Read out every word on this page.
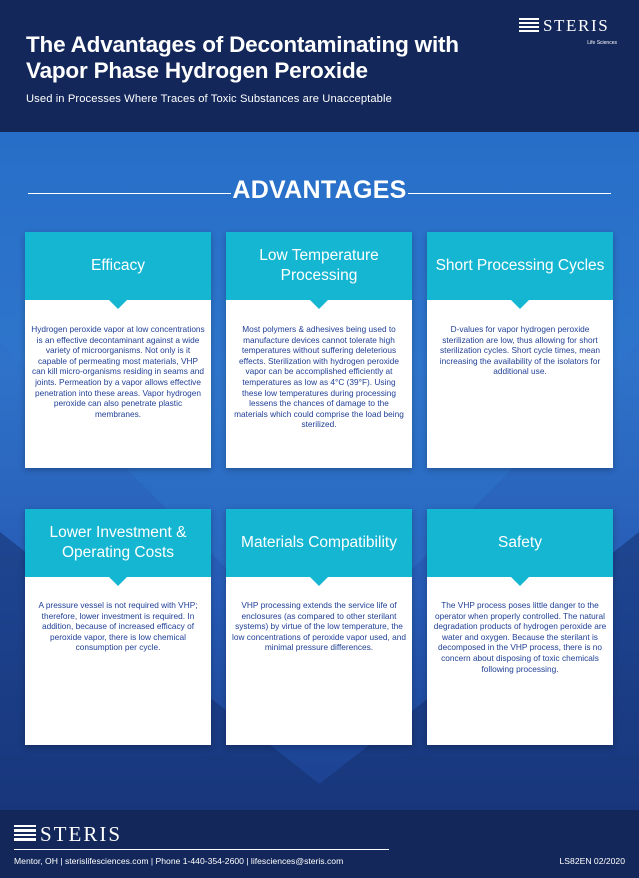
The Advantages of Decontaminating with Vapor Phase Hydrogen Peroxide
Used in Processes Where Traces of Toxic Substances are Unacceptable
STERIS
Life Sciences
ADVANTAGES
Efficacy
Hydrogen peroxide vapor at low concentrations is an effective decontaminant against a wide variety of microorganisms. Not only is it capable of permeating most materials, VHP can kill micro-organisms residing in seams and joints. Permeation by a vapor allows effective penetration into these areas. Vapor hydrogen peroxide can also penetrate plastic membranes.
Low Temperature Processing
Most polymers & adhesives being used to manufacture devices cannot tolerate high temperatures without suffering deleterious effects. Sterilization with hydrogen peroxide vapor can be accomplished efficiently at temperatures as low as 4°C (39°F). Using these low temperatures during processing lessens the chances of damage to the materials which could comprise the load being sterilized.
Short Processing Cycles
D-values for vapor hydrogen peroxide sterilization are low, thus allowing for short sterilization cycles. Short cycle times, mean increasing the availability of the isolators for additional use.
Lower Investment & Operating Costs
A pressure vessel is not required with VHP; therefore, lower investment is required. In addition, because of increased efficacy of peroxide vapor, there is low chemical consumption per cycle.
Materials Compatibility
VHP processing extends the service life of enclosures (as compared to other sterilant systems) by virtue of the low temperature, the low concentrations of peroxide vapor used, and minimal pressure differences.
Safety
The VHP process poses little danger to the operator when properly controlled. The natural degradation products of hydrogen peroxide are water and oxygen. Because the sterilant is decomposed in the VHP process, there is no concern about disposing of toxic chemicals following processing.
STERIS
Mentor, OH | sterislifesciences.com | Phone 1-440-354-2600 | lifesciences@steris.com	LS82EN 02/2020
